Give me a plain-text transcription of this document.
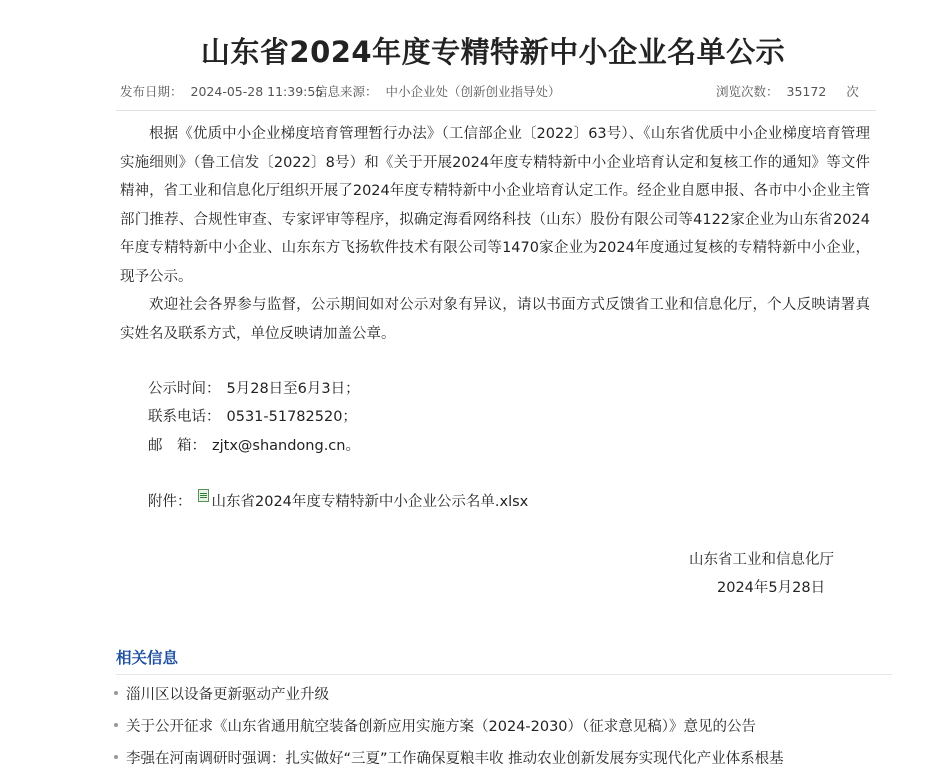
山东省2024年度专精特新中小企业名单公示
发布日期： 2024-05-28 11:39:55
信息来源： 中小企业处（创新创业指导处）	浏览次数： 35172 次

根据《优质中小企业梯度培育管理暂行办法》（工信部企业〔2022〕63号）、《山东省优质中小企业梯度培育管理实施细则》（鲁工信发〔2022〕8号）和《关于开展2024年度专精特新中小企业培育认定和复核工作的通知》等文件精神，省工业和信息化厅组织开展了2024年度专精特新中小企业培育认定工作。经企业自愿申报、各市中小企业主管部门推荐、合规性审查、专家评审等程序，拟确定海看网络科技（山东）股份有限公司等4122家企业为山东省2024年度专精特新中小企业、山东东方飞扬软件技术有限公司等1470家企业为2024年度通过复核的专精特新中小企业，现予公示。

欢迎社会各界参与监督，公示期间如对公示对象有异议，请以书面方式反馈省工业和信息化厅，个人反映请署真实姓名及联系方式，单位反映请加盖公章。

公示时间： 5月28日至6月3日；
联系电话： 0531-51782520；
邮　箱： zjtx@shandong.cn。
附件： 山东省2024年度专精特新中小企业公示名单.xlsx
山东省工业和信息化厅
2024年5月28日
相关信息
淄川区以设备更新驱动产业升级
关于公开征求《山东省通用航空装备创新应用实施方案（2024-2030）（征求意见稿）》意见的公告
李强在河南调研时强调：扎实做好“三夏”工作确保夏粮丰收 推动农业创新发展夯实现代化产业体系根基
